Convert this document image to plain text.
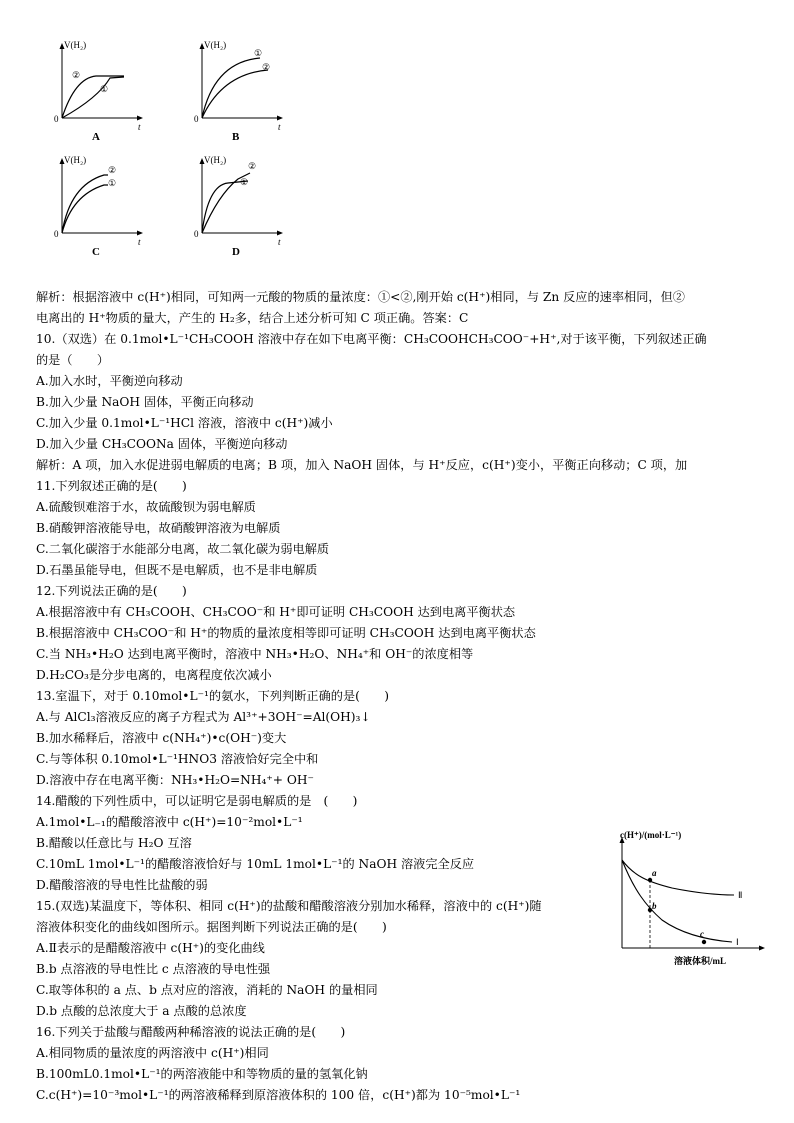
V(H₂)
②
①
0
t
A
V(H₂)
①
②
0
t
B
V(H₂)
②
①
0
t
C
V(H₂)
②
①
0
t
D
解析：根据溶液中 c(H⁺)相同，可知两一元酸的物质的量浓度：①<②,刚开始 c(H⁺)相同，与 Zn 反应的速率相同，但②
电离出的 H⁺物质的量大，产生的 H₂多，结合上述分析可知 C 项正确。答案：C
10.（双选）在 0.1mol•L⁻¹CH₃COOH 溶液中存在如下电离平衡：CH₃COOHCH₃COO⁻+H⁺,对于该平衡，下列叙述正确
的是（　　）
A.加入水时，平衡逆向移动
B.加入少量 NaOH 固体，平衡正向移动
C.加入少量 0.1mol•L⁻¹HCl 溶液，溶液中 c(H⁺)减小
D.加入少量 CH₃COONa 固体，平衡逆向移动
解析：A 项，加入水促进弱电解质的电离；B 项，加入 NaOH 固体，与 H⁺反应，c(H⁺)变小，平衡正向移动；C 项，加
11.下列叙述正确的是(　　)
A.硫酸钡难溶于水，故硫酸钡为弱电解质
B.硝酸钾溶液能导电，故硝酸钾溶液为电解质
C.二氧化碳溶于水能部分电离，故二氧化碳为弱电解质
D.石墨虽能导电，但既不是电解质，也不是非电解质
12.下列说法正确的是(　　)
A.根据溶液中有 CH₃COOH、CH₃COO⁻和 H⁺即可证明 CH₃COOH 达到电离平衡状态
B.根据溶液中 CH₃COO⁻和 H⁺的物质的量浓度相等即可证明 CH₃COOH 达到电离平衡状态
C.当 NH₃•H₂O 达到电离平衡时，溶液中 NH₃•H₂O、NH₄⁺和 OH⁻的浓度相等
D.H₂CO₃是分步电离的，电离程度依次减小
13.室温下，对于 0.10mol•L⁻¹的氨水，下列判断正确的是(　　)
A.与 AlCl₃溶液反应的离子方程式为 Al³⁺+3OH⁻=Al(OH)₃↓
B.加水稀释后，溶液中 c(NH₄⁺)•c(OH⁻)变大
C.与等体积 0.10mol•L⁻¹HNO3 溶液恰好完全中和
D.溶液中存在电离平衡：NH₃•H₂O=NH₄⁺+ OH⁻
14.醋酸的下列性质中，可以证明它是弱电解质的是　(　　)
A.1mol•L₋₁的醋酸溶液中 c(H⁺)=10⁻²mol•L⁻¹
B.醋酸以任意比与 H₂O 互溶
C.10mL 1mol•L⁻¹的醋酸溶液恰好与 10mL 1mol•L⁻¹的 NaOH 溶液完全反应
D.醋酸溶液的导电性比盐酸的弱
15.(双选)某温度下，等体积、相同 c(H⁺)的盐酸和醋酸溶液分别加水稀释，溶液中的 c(H⁺)随
溶液体积变化的曲线如图所示。据图判断下列说法正确的是(　　)
A.Ⅱ表示的是醋酸溶液中 c(H⁺)的变化曲线
B.b 点溶液的导电性比 c 点溶液的导电性强
C.取等体积的 a 点、b 点对应的溶液，消耗的 NaOH 的量相同
D.b 点酸的总浓度大于 a 点酸的总浓度
16.下列关于盐酸与醋酸两种稀溶液的说法正确的是(　　)
A.相同物质的量浓度的两溶液中 c(H⁺)相同
B.100mL0.1mol•L⁻¹的两溶液能中和等物质的量的氢氧化钠
C.c(H⁺)=10⁻³mol•L⁻¹的两溶液稀释到原溶液体积的 100 倍，c(H⁺)都为 10⁻⁵mol•L⁻¹
a
b
c
Ⅱ
Ⅰ
c(H⁺)/(mol·L⁻¹)
溶液体积/mL
